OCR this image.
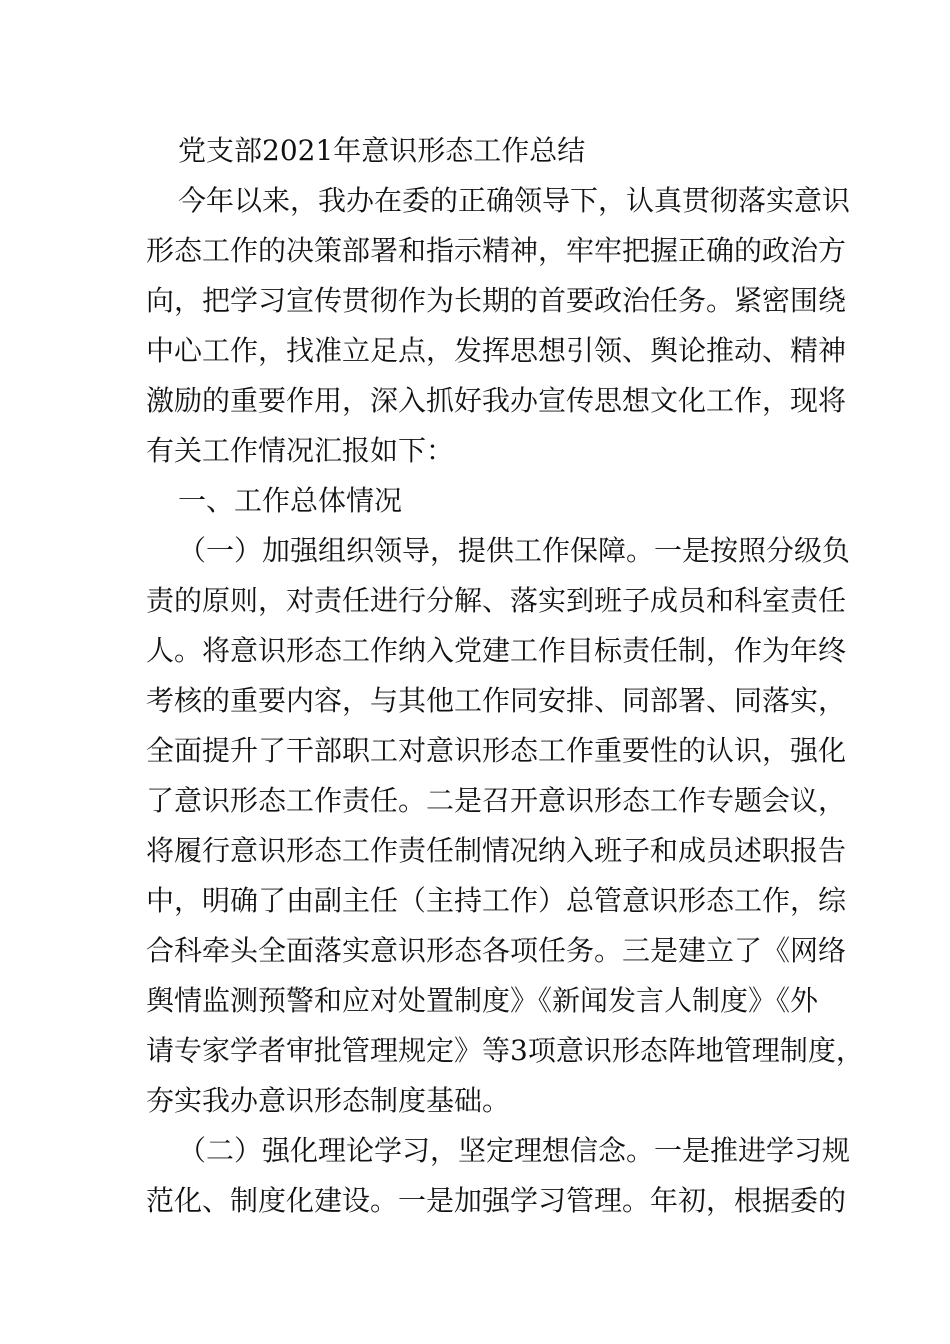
党支部2021年意识形态工作总结
今年以来，我办在委的正确领导下，认真贯彻落实意识
形态工作的决策部署和指示精神，牢牢把握正确的政治方
向，把学习宣传贯彻作为长期的首要政治任务。紧密围绕
中心工作，找准立足点，发挥思想引领、舆论推动、精神
激励的重要作用，深入抓好我办宣传思想文化工作，现将
有关工作情况汇报如下：
一、工作总体情况
（一）加强组织领导，提供工作保障。一是按照分级负
责的原则，对责任进行分解、落实到班子成员和科室责任
人。将意识形态工作纳入党建工作目标责任制，作为年终
考核的重要内容，与其他工作同安排、同部署、同落实，
全面提升了干部职工对意识形态工作重要性的认识，强化
了意识形态工作责任。二是召开意识形态工作专题会议，
将履行意识形态工作责任制情况纳入班子和成员述职报告
中，明确了由副主任（主持工作）总管意识形态工作，综
合科牵头全面落实意识形态各项任务。三是建立了《网络
舆情监测预警和应对处置制度》《新闻发言人制度》《外
请专家学者审批管理规定》等3项意识形态阵地管理制度，
夯实我办意识形态制度基础。
（二）强化理论学习，坚定理想信念。一是推进学习规
范化、制度化建设。一是加强学习管理。年初，根据委的
